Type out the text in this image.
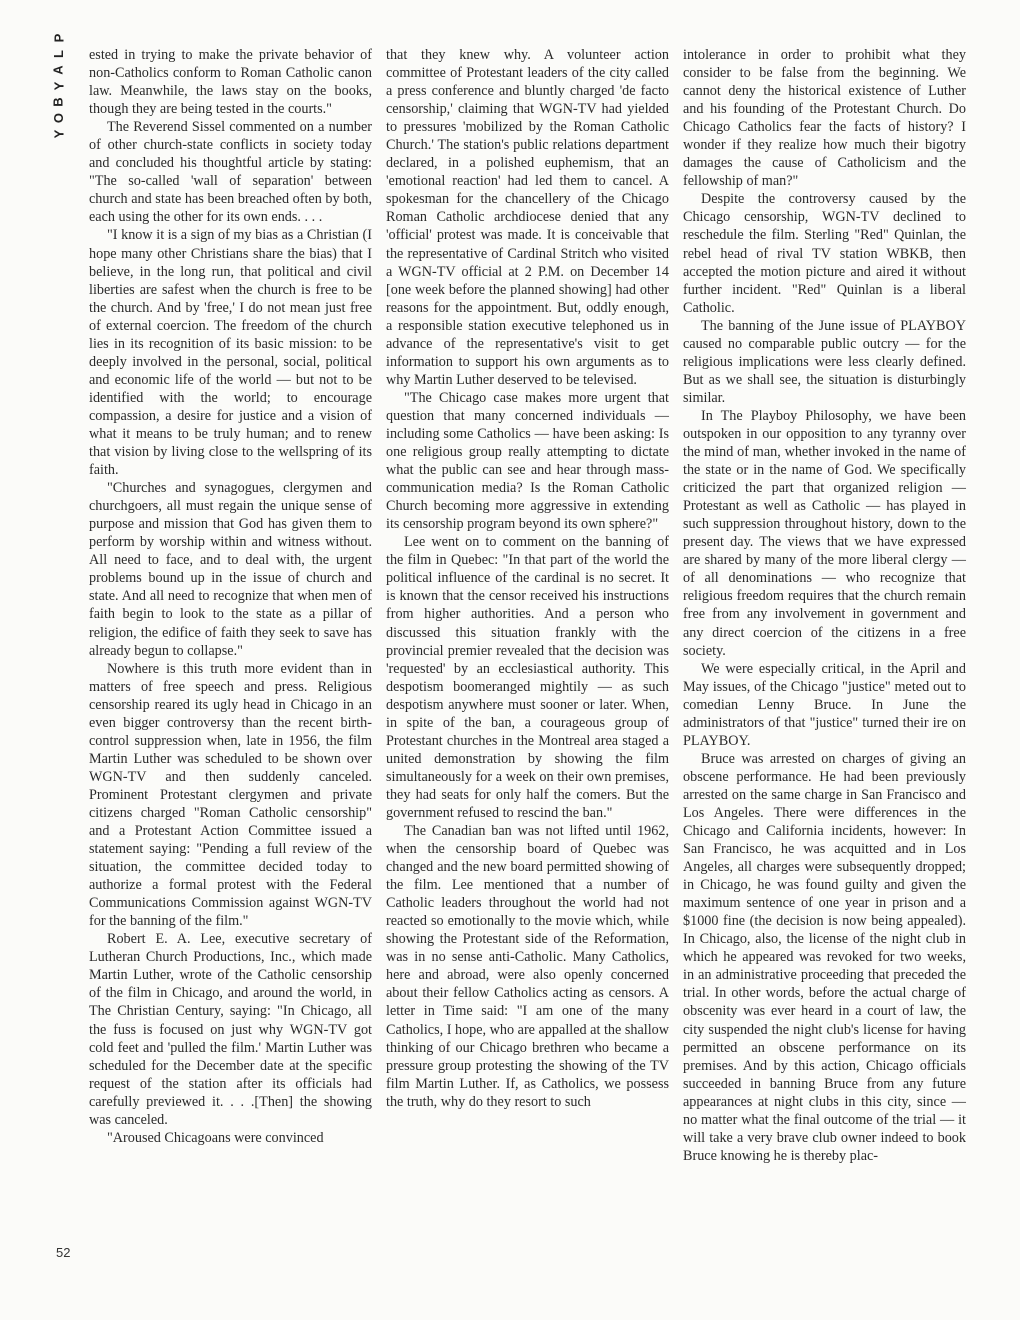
P
L
A
Y
B
O
Y
52

ested in trying to make the private behavior of non-Catholics conform to Roman Catholic canon law. Meanwhile, the laws stay on the books, though they are being tested in the courts."

The Reverend Sissel commented on a number of other church-state conflicts in society today and concluded his thoughtful article by stating: "The so-called 'wall of separation' between church and state has been breached often by both, each using the other for its own ends. . . .

"I know it is a sign of my bias as a Christian (I hope many other Christians share the bias) that I believe, in the long run, that political and civil liberties are safest when the church is free to be the church. And by 'free,' I do not mean just free of external coercion. The freedom of the church lies in its recognition of its basic mission: to be deeply involved in the personal, social, political and economic life of the world — but not to be identified with the world; to encourage compassion, a desire for justice and a vision of what it means to be truly human; and to renew that vision by living close to the wellspring of its faith.

"Churches and synagogues, clergymen and churchgoers, all must regain the unique sense of purpose and mission that God has given them to perform by worship within and witness without. All need to face, and to deal with, the urgent problems bound up in the issue of church and state. And all need to recognize that when men of faith begin to look to the state as a pillar of religion, the edifice of faith they seek to save has already begun to collapse."

Nowhere is this truth more evident than in matters of free speech and press. Religious censorship reared its ugly head in Chicago in an even bigger controversy than the recent birth-control suppression when, late in 1956, the film Martin Luther was scheduled to be shown over WGN-TV and then suddenly canceled. Prominent Protestant clergymen and private citizens charged "Roman Catholic censorship" and a Protestant Action Committee issued a statement saying: "Pending a full review of the situation, the committee decided today to authorize a formal protest with the Federal Communications Commission against WGN-TV for the banning of the film."

Robert E. A. Lee, executive secretary of Lutheran Church Productions, Inc., which made Martin Luther, wrote of the Catholic censorship of the film in Chicago, and around the world, in The Christian Century, saying: "In Chicago, all the fuss is focused on just why WGN-TV got cold feet and 'pulled the film.' Martin Luther was scheduled for the December date at the specific request of the station after its officials had carefully previewed it. . . .[Then] the showing was canceled.

"Aroused Chicagoans were convinced

that they knew why. A volunteer action committee of Protestant leaders of the city called a press conference and bluntly charged 'de facto censorship,' claiming that WGN-TV had yielded to pressures 'mobilized by the Roman Catholic Church.' The station's public relations department declared, in a polished euphemism, that an 'emotional reaction' had led them to cancel. A spokesman for the chancellery of the Chicago Roman Catholic archdiocese denied that any 'official' protest was made. It is conceivable that the representative of Cardinal Stritch who visited a WGN-TV official at 2 P.M. on December 14 [one week before the planned showing] had other reasons for the appointment. But, oddly enough, a responsible station executive telephoned us in advance of the representative's visit to get information to support his own arguments as to why Martin Luther deserved to be televised.

"The Chicago case makes more urgent that question that many concerned individuals — including some Catholics — have been asking: Is one religious group really attempting to dictate what the public can see and hear through mass-communication media? Is the Roman Catholic Church becoming more aggressive in extending its censorship program beyond its own sphere?"

Lee went on to comment on the banning of the film in Quebec: "In that part of the world the political influence of the cardinal is no secret. It is known that the censor received his instructions from higher authorities. And a person who discussed this situation frankly with the provincial premier revealed that the decision was 'requested' by an ecclesiastical authority. This despotism boomeranged mightily — as such despotism anywhere must sooner or later. When, in spite of the ban, a courageous group of Protestant churches in the Montreal area staged a united demonstration by showing the film simultaneously for a week on their own premises, they had seats for only half the comers. But the government refused to rescind the ban."

The Canadian ban was not lifted until 1962, when the censorship board of Quebec was changed and the new board permitted showing of the film. Lee mentioned that a number of Catholic leaders throughout the world had not reacted so emotionally to the movie which, while showing the Protestant side of the Reformation, was in no sense anti-Catholic. Many Catholics, here and abroad, were also openly concerned about their fellow Catholics acting as censors. A letter in Time said: "I am one of the many Catholics, I hope, who are appalled at the shallow thinking of our Chicago brethren who became a pressure group protesting the showing of the TV film Martin Luther. If, as Catholics, we possess the truth, why do they resort to such

intolerance in order to prohibit what they consider to be false from the beginning. We cannot deny the historical existence of Luther and his founding of the Protestant Church. Do Chicago Catholics fear the facts of history? I wonder if they realize how much their bigotry damages the cause of Catholicism and the fellowship of man?"

Despite the controversy caused by the Chicago censorship, WGN-TV declined to reschedule the film. Sterling "Red" Quinlan, the rebel head of rival TV station WBKB, then accepted the motion picture and aired it without further incident. "Red" Quinlan is a liberal Catholic.

The banning of the June issue of PLAYBOY caused no comparable public outcry — for the religious implications were less clearly defined. But as we shall see, the situation is disturbingly similar.

In The Playboy Philosophy, we have been outspoken in our opposition to any tyranny over the mind of man, whether invoked in the name of the state or in the name of God. We specifically criticized the part that organized religion — Protestant as well as Catholic — has played in such suppression throughout history, down to the present day. The views that we have expressed are shared by many of the more liberal clergy — of all denominations — who recognize that religious freedom requires that the church remain free from any involvement in government and any direct coercion of the citizens in a free society.

We were especially critical, in the April and May issues, of the Chicago "justice" meted out to comedian Lenny Bruce. In June the administrators of that "justice" turned their ire on PLAYBOY.

Bruce was arrested on charges of giving an obscene performance. He had been previously arrested on the same charge in San Francisco and Los Angeles. There were differences in the Chicago and California incidents, however: In San Francisco, he was acquitted and in Los Angeles, all charges were subsequently dropped; in Chicago, he was found guilty and given the maximum sentence of one year in prison and a $1000 fine (the decision is now being appealed). In Chicago, also, the license of the night club in which he appeared was revoked for two weeks, in an administrative proceeding that preceded the trial. In other words, before the actual charge of obscenity was ever heard in a court of law, the city suspended the night club's license for having permitted an obscene performance on its premises. And by this action, Chicago officials succeeded in banning Bruce from any future appearances at night clubs in this city, since — no matter what the final outcome of the trial — it will take a very brave club owner indeed to book Bruce knowing he is thereby plac-
